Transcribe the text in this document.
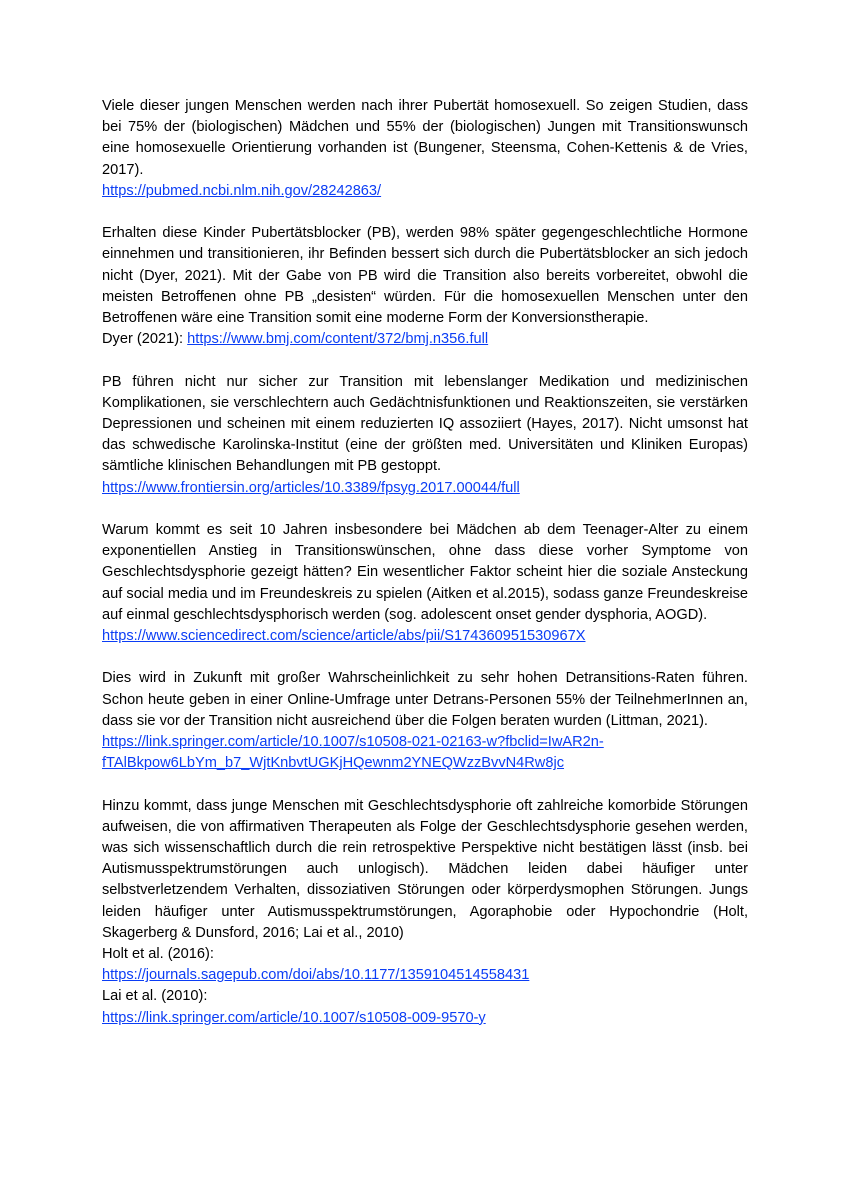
Viele dieser jungen Menschen werden nach ihrer Pubertät homosexuell. So zeigen Studien, dass bei 75% der (biologischen) Mädchen und 55% der (biologischen) Jungen mit Transitionswunsch eine homosexuelle Orientierung vorhanden ist (Bungener, Steensma, Cohen-Kettenis & de Vries, 2017).

https://pubmed.ncbi.nlm.nih.gov/28242863/

Erhalten diese Kinder Pubertätsblocker (PB), werden 98% später gegengeschlechtliche Hormone einnehmen und transitionieren, ihr Befinden bessert sich durch die Pubertätsblocker an sich jedoch nicht (Dyer, 2021). Mit der Gabe von PB wird die Transition also bereits vorbereitet, obwohl die meisten Betroffenen ohne PB „desisten“ würden. Für die homosexuellen Menschen unter den Betroffenen wäre eine Transition somit eine moderne Form der Konversionstherapie.

Dyer (2021): https://www.bmj.com/content/372/bmj.n356.full

PB führen nicht nur sicher zur Transition mit lebenslanger Medikation und medizinischen Komplikationen, sie verschlechtern auch Gedächtnisfunktionen und Reaktionszeiten, sie verstärken Depressionen und scheinen mit einem reduzierten IQ assoziiert (Hayes, 2017). Nicht umsonst hat das schwedische Karolinska-Institut (eine der größten med. Universitäten und Kliniken Europas) sämtliche klinischen Behandlungen mit PB gestoppt.

https://www.frontiersin.org/articles/10.3389/fpsyg.2017.00044/full

Warum kommt es seit 10 Jahren insbesondere bei Mädchen ab dem Teenager-Alter zu einem exponentiellen Anstieg in Transitionswünschen, ohne dass diese vorher Symptome von Geschlechtsdysphorie gezeigt hätten? Ein wesentlicher Faktor scheint hier die soziale Ansteckung auf social media und im Freundeskreis zu spielen (Aitken et al.2015), sodass ganze Freundeskreise auf einmal geschlechtsdysphorisch werden (sog. adolescent onset gender dysphoria, AOGD).

https://www.sciencedirect.com/science/article/abs/pii/S174360951530967X

Dies wird in Zukunft mit großer Wahrscheinlichkeit zu sehr hohen Detransitions-Raten führen. Schon heute geben in einer Online-Umfrage unter Detrans-Personen 55% der TeilnehmerInnen an, dass sie vor der Transition nicht ausreichend über die Folgen beraten wurden (Littman, 2021).

https://link.springer.com/article/10.1007/s10508-021-02163-w?fbclid=IwAR2n-
fTAlBkpow6LbYm_b7_WjtKnbvtUGKjHQewnm2YNEQWzzBvvN4Rw8jc

Hinzu kommt, dass junge Menschen mit Geschlechtsdysphorie oft zahlreiche komorbide Störungen aufweisen, die von affirmativen Therapeuten als Folge der Geschlechtsdysphorie gesehen werden, was sich wissenschaftlich durch die rein retrospektive Perspektive nicht bestätigen lässt (insb. bei Autismusspektrumstörungen auch unlogisch). Mädchen leiden dabei häufiger unter selbstverletzendem Verhalten, dissoziativen Störungen oder körperdysmophen Störungen. Jungs leiden häufiger unter Autismusspektrumstörungen, Agoraphobie oder Hypochondrie (Holt, Skagerberg & Dunsford, 2016; Lai et al., 2010)

Holt et al. (2016):
https://journals.sagepub.com/doi/abs/10.1177/1359104514558431
Lai et al. (2010):
https://link.springer.com/article/10.1007/s10508-009-9570-y
